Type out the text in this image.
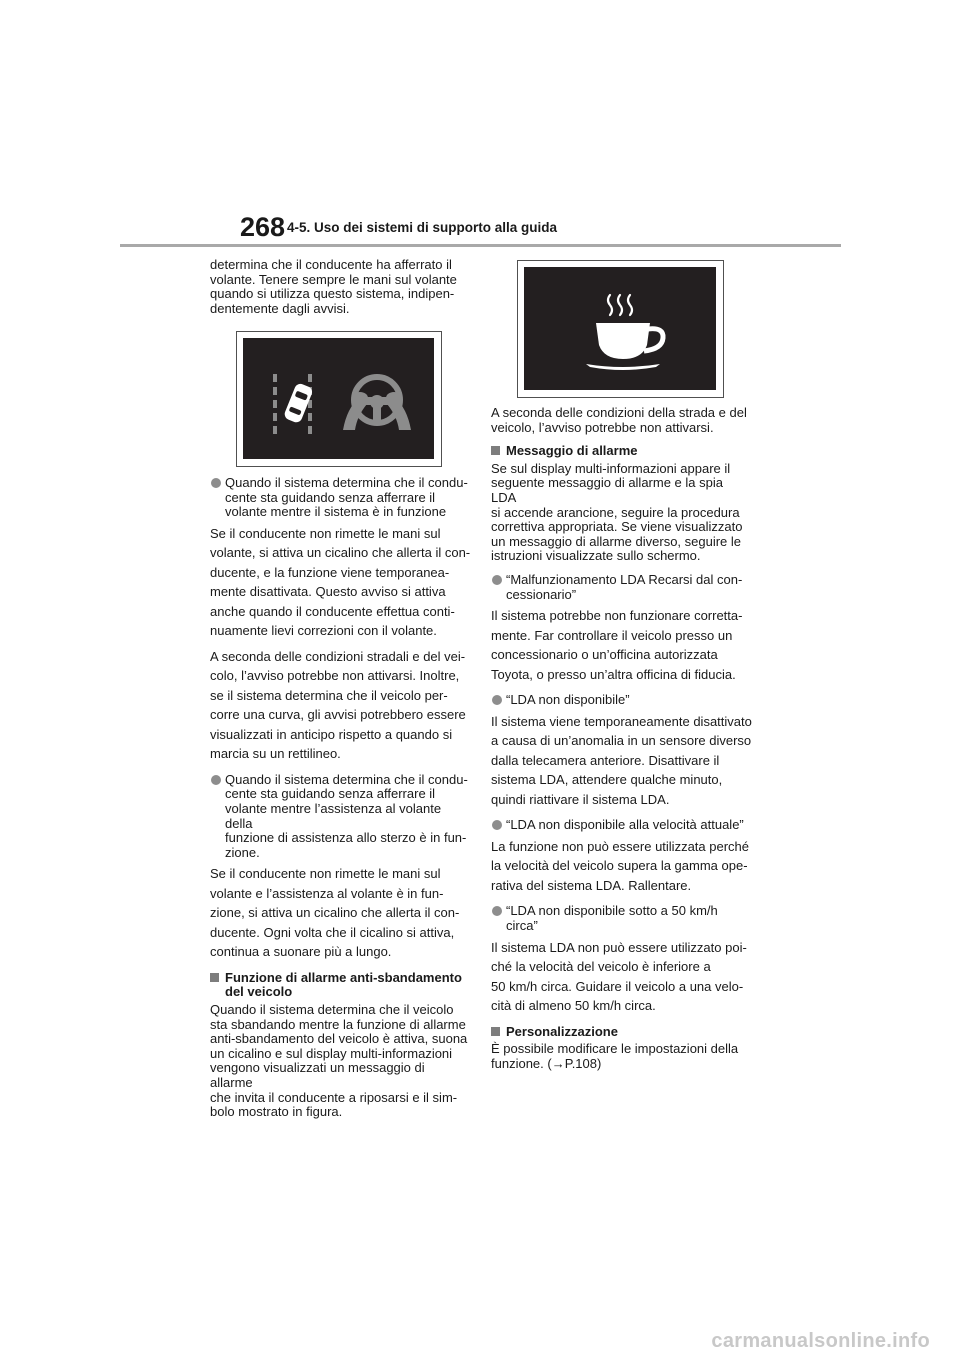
268 4-5. Uso dei sistemi di supporto alla guida

determina che il conducente ha afferrato il

volante. Tenere sempre le mani sul volante

quando si utilizza questo sistema, indipen-

dentemente dagli avvisi.

Quando il sistema determina che il condu-

cente sta guidando senza afferrare il

volante mentre il sistema è in funzione

Se il conducente non rimette le mani sul

volante, si attiva un cicalino che allerta il con-

ducente, e la funzione viene temporanea-

mente disattivata. Questo avviso si attiva

anche quando il conducente effettua conti-

nuamente lievi correzioni con il volante.

A seconda delle condizioni stradali e del vei-

colo, l’avviso potrebbe non attivarsi. Inoltre,

se il sistema determina che il veicolo per-

corre una curva, gli avvisi potrebbero essere

visualizzati in anticipo rispetto a quando si

marcia su un rettilineo.

Quando il sistema determina che il condu-

cente sta guidando senza afferrare il

volante mentre l’assistenza al volante della

funzione di assistenza allo sterzo è in fun-

zione.

Se il conducente non rimette le mani sul

volante e l’assistenza al volante è in fun-

zione, si attiva un cicalino che allerta il con-

ducente. Ogni volta che il cicalino si attiva,

continua a suonare più a lungo.

Funzione di allarme anti-sbandamento

del veicolo

Quando il sistema determina che il veicolo

sta sbandando mentre la funzione di allarme

anti-sbandamento del veicolo è attiva, suona

un cicalino e sul display multi-informazioni

vengono visualizzati un messaggio di allarme

che invita il conducente a riposarsi e il sim-

bolo mostrato in figura.

A seconda delle condizioni della strada e del

veicolo, l’avviso potrebbe non attivarsi.

Messaggio di allarme

Se sul display multi-informazioni appare il

seguente messaggio di allarme e la spia LDA

si accende arancione, seguire la procedura

correttiva appropriata. Se viene visualizzato

un messaggio di allarme diverso, seguire le

istruzioni visualizzate sullo schermo.

“Malfunzionamento LDA Recarsi dal con-

cessionario”

Il sistema potrebbe non funzionare corretta-

mente. Far controllare il veicolo presso un

concessionario o un’officina autorizzata

Toyota, o presso un’altra officina di fiducia.

“LDA non disponibile”

Il sistema viene temporaneamente disattivato

a causa di un’anomalia in un sensore diverso

dalla telecamera anteriore. Disattivare il

sistema LDA, attendere qualche minuto,

quindi riattivare il sistema LDA.

“LDA non disponibile alla velocità attuale”

La funzione non può essere utilizzata perché

la velocità del veicolo supera la gamma ope-

rativa del sistema LDA. Rallentare.

“LDA non disponibile sotto a 50 km/h circa”

Il sistema LDA non può essere utilizzato poi-

ché la velocità del veicolo è inferiore a

50 km/h circa. Guidare il veicolo a una velo-

cità di almeno 50 km/h circa.

Personalizzazione

È possibile modificare le impostazioni della

funzione. (→P.108)

carmanualsonline.info
